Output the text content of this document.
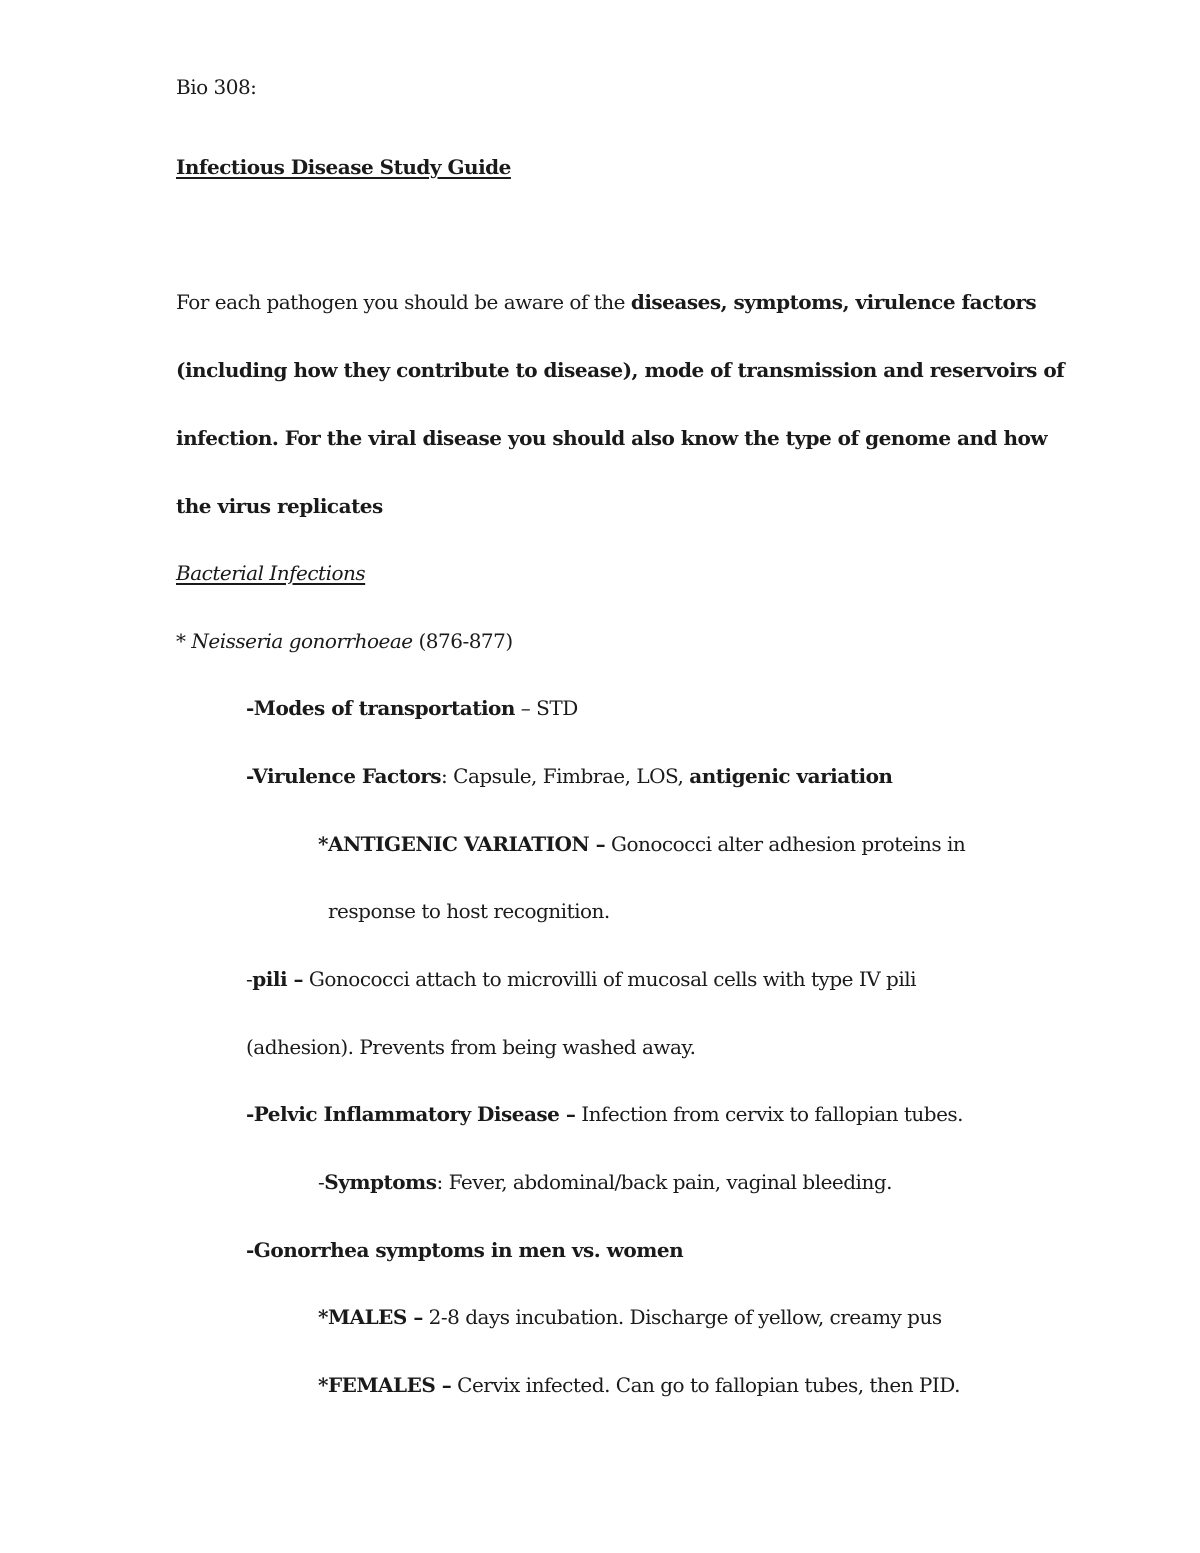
Bio 308:
Infectious Disease Study Guide
For each pathogen you should be aware of the diseases, symptoms, virulence factors
(including how they contribute to disease), mode of transmission and reservoirs of
infection. For the viral disease you should also know the type of genome and how
the virus replicates
Bacterial Infections
* Neisseria gonorrhoeae (876-877)
-Modes of transportation – STD
-Virulence Factors: Capsule, Fimbrae, LOS, antigenic variation
*ANTIGENIC VARIATION – Gonococci alter adhesion proteins in
response to host recognition.
-pili – Gonococci attach to microvilli of mucosal cells with type IV pili
(adhesion). Prevents from being washed away.
-Pelvic Inflammatory Disease – Infection from cervix to fallopian tubes.
-Symptoms: Fever, abdominal/back pain, vaginal bleeding.
-Gonorrhea symptoms in men vs. women
*MALES – 2-8 days incubation. Discharge of yellow, creamy pus
*FEMALES – Cervix infected. Can go to fallopian tubes, then PID.
